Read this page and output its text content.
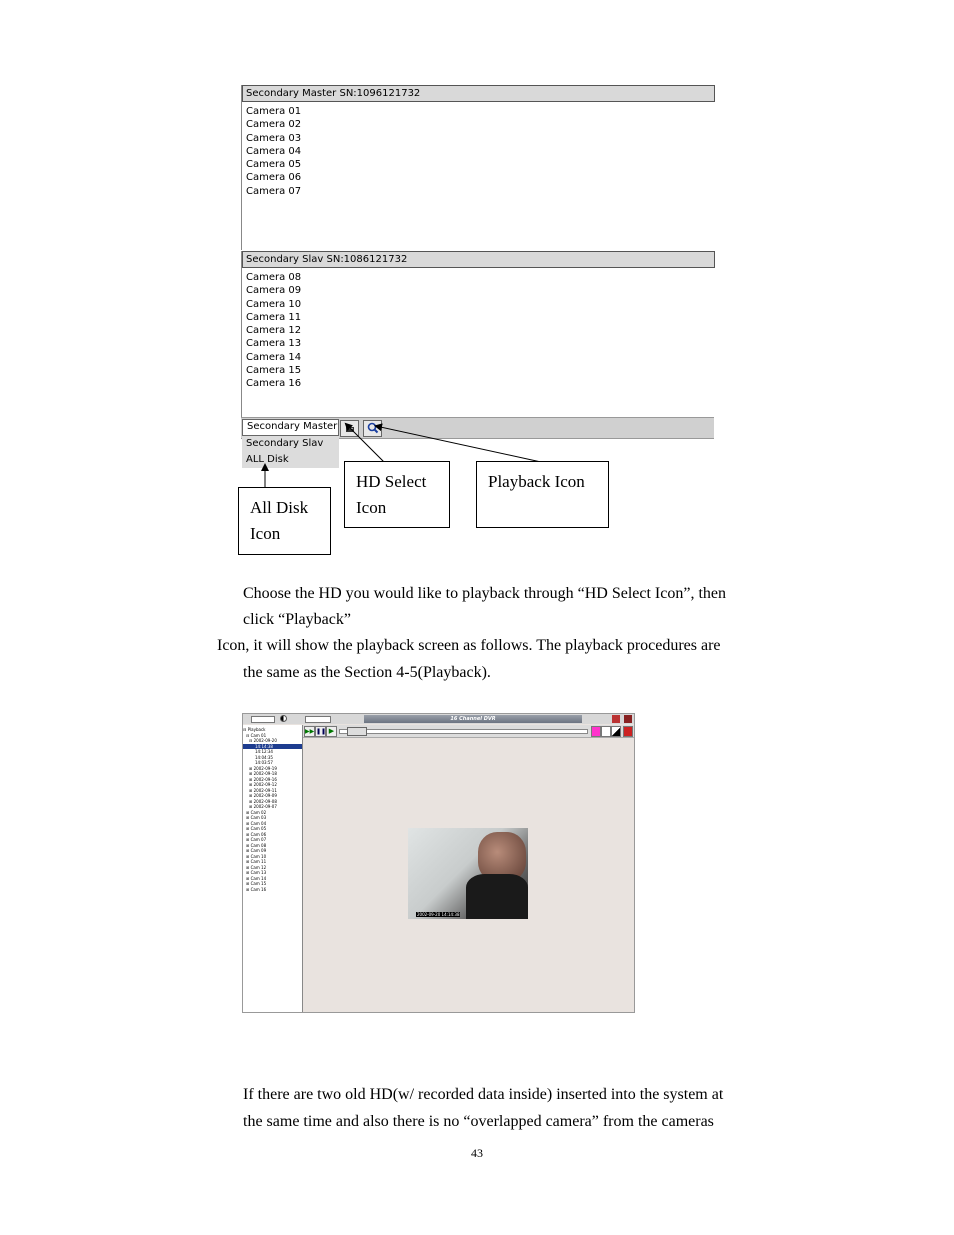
Secondary Master SN:1096121732
Camera 01
Camera 02
Camera 03
Camera 04
Camera 05
Camera 06
Camera 07
Secondary Slav SN:1086121732
Camera 08
Camera 09
Camera 10
Camera 11
Camera 12
Camera 13
Camera 14
Camera 15
Camera 16
Secondary Master
Secondary Slav
ALL Disk
HD Select
Icon
Playback Icon
All Disk
Icon
Choose the HD you would like to playback through “HD Select Icon”, then
click “Playback”
Icon, it will show the playback screen as follows. The playback procedures are
the same as the Section 4-5(Playback).
16 Channel DVR
▶▶ ❚❚ ▶
⊟ Playback
⊟ Cam 01
⊟ 2002-09-20
14:14:38
14:12:34
14:04:35
14:03:57
⊞ 2002-09-19
⊞ 2002-09-18
⊞ 2002-09-16
⊞ 2002-09-12
⊞ 2002-09-11
⊞ 2002-09-09
⊞ 2002-09-08
⊞ 2002-09-07
⊞ Cam 02
⊞ Cam 03
⊞ Cam 04
⊞ Cam 05
⊞ Cam 06
⊞ Cam 07
⊞ Cam 08
⊞ Cam 09
⊞ Cam 10
⊞ Cam 11
⊞ Cam 12
⊞ Cam 13
⊞ Cam 14
⊞ Cam 15
⊞ Cam 16
2002-09-20 14:14:38
If there are two old HD(w/ recorded data inside) inserted into the system at
the same time and also there is no “overlapped camera” from the cameras
43
